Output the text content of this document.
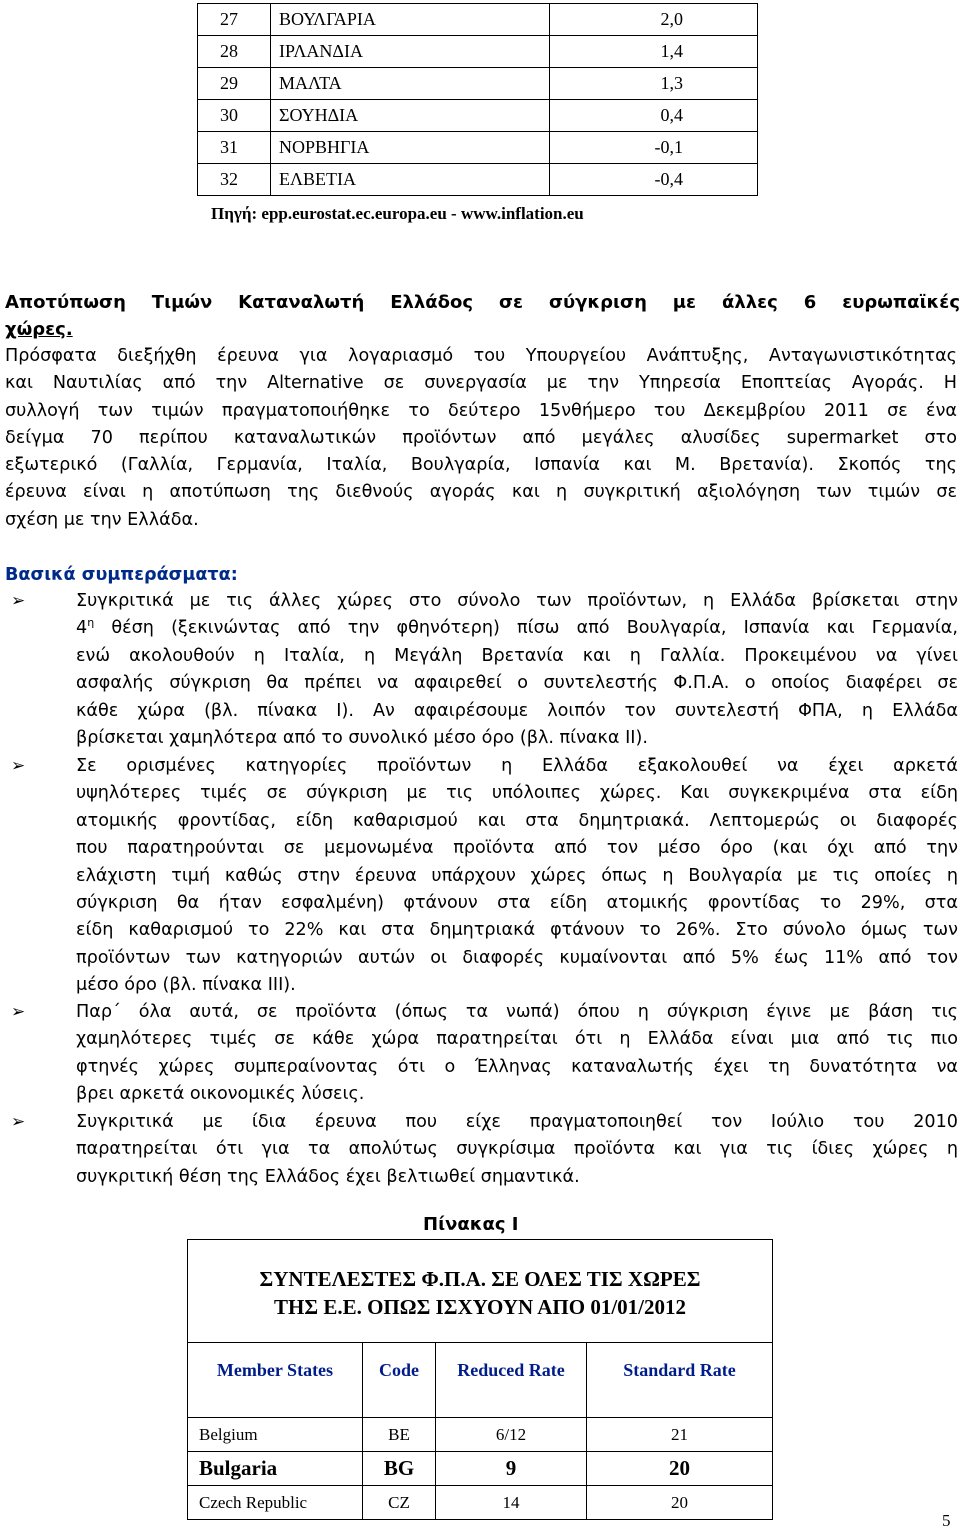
27	ΒΟΥΛΓΑΡΙΑ	2,0
28	ΙΡΛΑΝΔΙΑ	1,4
29	ΜΑΛΤΑ	1,3
30	ΣΟΥΗΔΙΑ	0,4
31	ΝΟΡΒΗΓΙΑ	-0,1
32	ΕΛΒΕΤΙΑ	-0,4
Πηγή: epp.eurostat.ec.europa.eu - www.inflation.eu
Αποτύπωση Τιμών Καταναλωτή Ελλάδος σε σύγκριση με άλλες 6 ευρωπαϊκές
χώρες.
Πρόσφατα διεξήχθη έρευνα για λογαριασμό του Υπουργείου Ανάπτυξης, Ανταγωνιστικότητας
και Ναυτιλίας από την Alternative σε συνεργασία με την Υπηρεσία Εποπτείας Αγοράς. Η
συλλογή των τιμών πραγματοποιήθηκε το δεύτερο 15νθήμερο του Δεκεμβρίου 2011 σε ένα
δείγμα 70 περίπου καταναλωτικών προϊόντων από μεγάλες αλυσίδες supermarket στο
εξωτερικό (Γαλλία, Γερμανία, Ιταλία, Βουλγαρία, Ισπανία και Μ. Βρετανία). Σκοπός της
έρευνα είναι η αποτύπωση της διεθνούς αγοράς και η συγκριτική αξιολόγηση των τιμών σε
σχέση με την Ελλάδα.
Βασικά συμπεράσματα:
➢	Συγκριτικά με τις άλλες χώρες στο σύνολο των προϊόντων, η Ελλάδα βρίσκεται στην
$4^\eta$ θέση (ξεκινώντας από την φθηνότερη) πίσω από Βουλγαρία, Ισπανία και Γερμανία,
ενώ ακολουθούν η Ιταλία, η Μεγάλη Βρετανία και η Γαλλία. Προκειμένου να γίνει
ασφαλής σύγκριση θα πρέπει να αφαιρεθεί ο συντελεστής Φ.Π.Α. ο οποίος διαφέρει σε
κάθε χώρα (βλ. πίνακα Ι). Αν αφαιρέσουμε λοιπόν τον συντελεστή ΦΠΑ, η Ελλάδα
βρίσκεται χαμηλότερα από το συνολικό μέσο όρο (βλ. πίνακα ΙΙ).
➢	Σε ορισμένες κατηγορίες προϊόντων η Ελλάδα εξακολουθεί να έχει αρκετά
υψηλότερες τιμές σε σύγκριση με τις υπόλοιπες χώρες. Και συγκεκριμένα στα είδη
ατομικής φροντίδας, είδη καθαρισμού και στα δημητριακά. Λεπτομερώς οι διαφορές
που παρατηρούνται σε μεμονωμένα προϊόντα από τον μέσο όρο (και όχι από την
ελάχιστη τιμή καθώς στην έρευνα υπάρχουν χώρες όπως η Βουλγαρία με τις οποίες η
σύγκριση θα ήταν εσφαλμένη) φτάνουν στα είδη ατομικής φροντίδας το 29%, στα
είδη καθαρισμού το 22% και στα δημητριακά φτάνουν το 26%. Στο σύνολο όμως των
προϊόντων των κατηγοριών αυτών οι διαφορές κυμαίνονται από 5% έως 11% από τον
μέσο όρο (βλ. πίνακα ΙΙΙ).
➢	Παρ΄ όλα αυτά, σε προϊόντα (όπως τα νωπά) όπου η σύγκριση έγινε με βάση τις
χαμηλότερες τιμές σε κάθε χώρα παρατηρείται ότι η Ελλάδα είναι μια από τις πιο
φτηνές χώρες συμπεραίνοντας ότι ο Έλληνας καταναλωτής έχει τη δυνατότητα να
βρει αρκετά οικονομικές λύσεις.
➢	Συγκριτικά με ίδια έρευνα που είχε πραγματοποιηθεί τον Ιούλιο του 2010
παρατηρείται ότι για τα απολύτως συγκρίσιμα προϊόντα και για τις ίδιες χώρες η
συγκριτική θέση της Ελλάδος έχει βελτιωθεί σημαντικά.
Πίνακας Ι
ΣΥΝΤΕΛΕΣΤΕΣ Φ.Π.Α. ΣΕ ΟΛΕΣ ΤΙΣ ΧΩΡΕΣ
ΤΗΣ Ε.Ε. ΟΠΩΣ ΙΣΧΥΟΥΝ ΑΠΟ 01/01/2012			

Member States	Code	Reduced Rate	Standard Rate

Belgium	BE	6/12	21
Bulgaria	BG	9	20
Czech Republic	CZ	14	20
5
